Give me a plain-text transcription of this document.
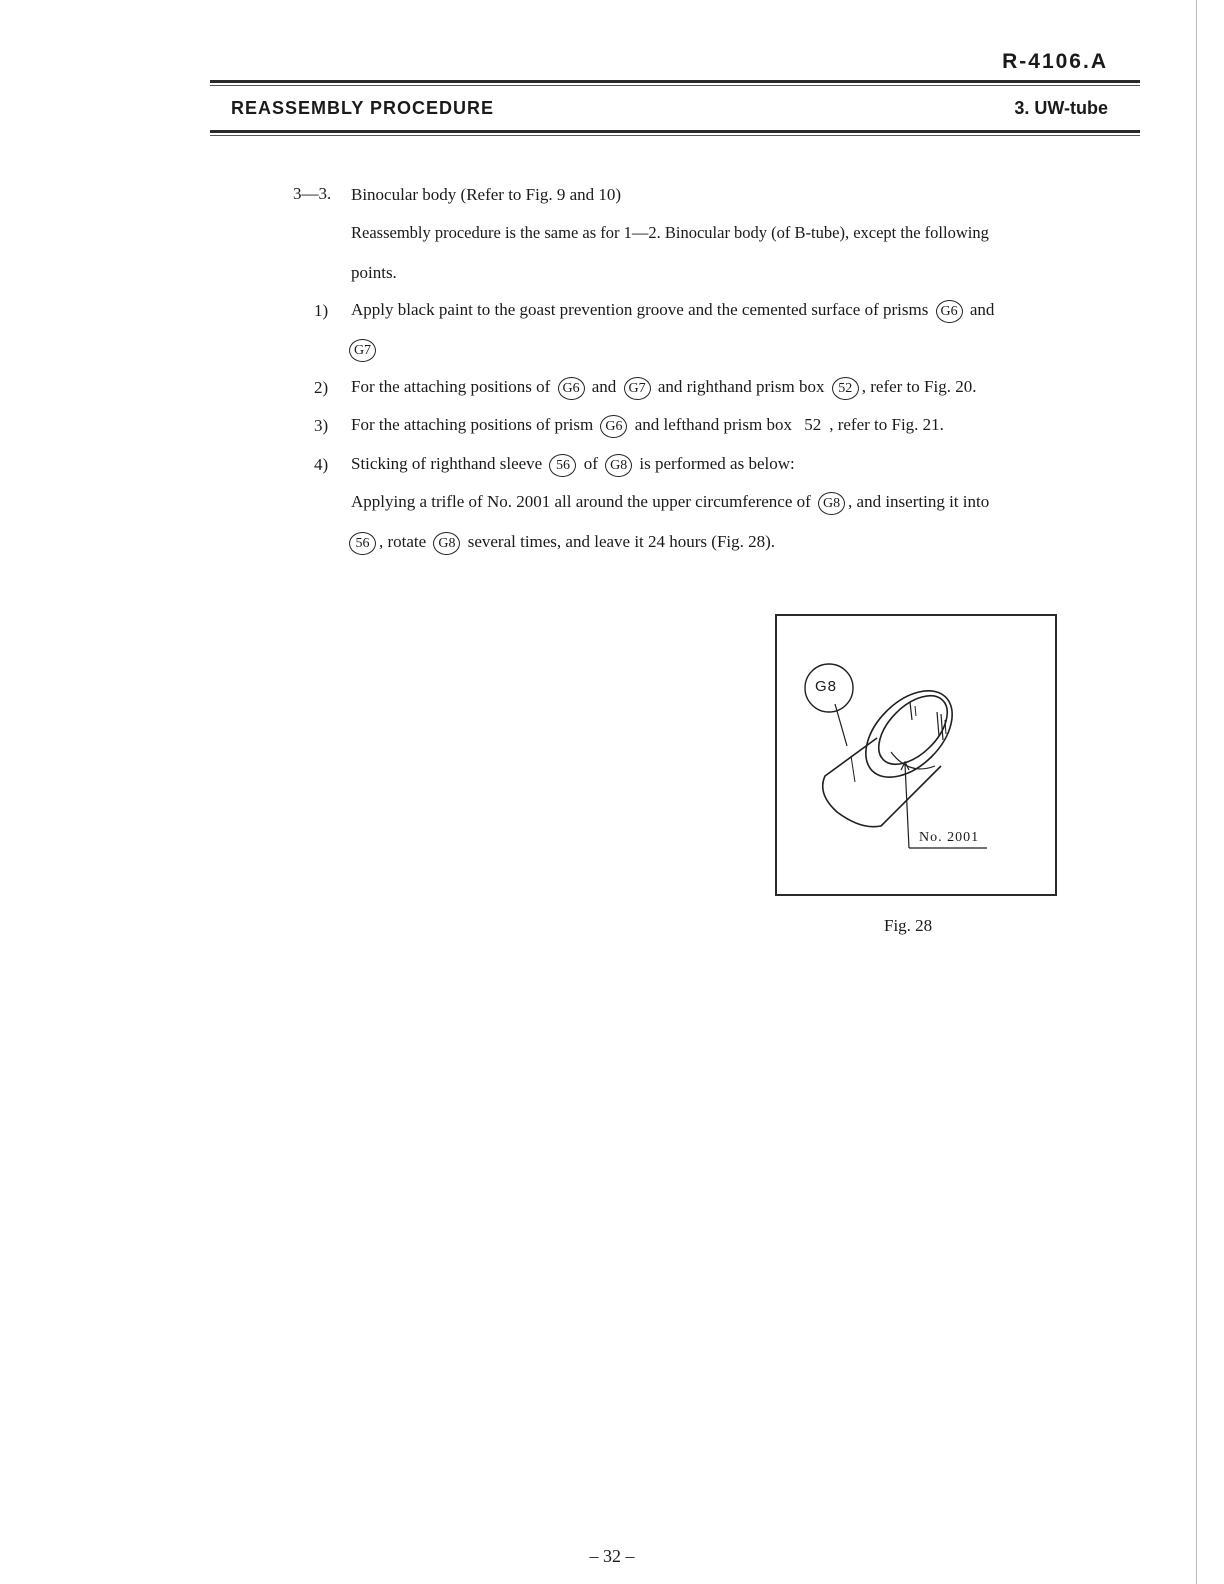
R-4106.A
REASSEMBLY PROCEDURE	3. UW-tube
3—3. Binocular body (Refer to Fig. 9 and 10)
Reassembly procedure is the same as for 1—2. Binocular body (of B-tube), except the following
points.
1) Apply black paint to the goast prevention groove and the cemented surface of prisms G6 and
G7
2) For the attaching positions of G6 and G7 and righthand prism box 52 , refer to Fig. 20.
3) For the attaching positions of prism G6 and lefthand prism box 52 , refer to Fig. 21.
4) Sticking of righthand sleeve 56 of G8 is performed as below:
Applying a trifle of No. 2001 all around the upper circumference of G8 , and inserting it into
56 , rotate G8 several times, and leave it 24 hours (Fig. 28).
G8
No. 2001
Fig. 28
– 32 –
